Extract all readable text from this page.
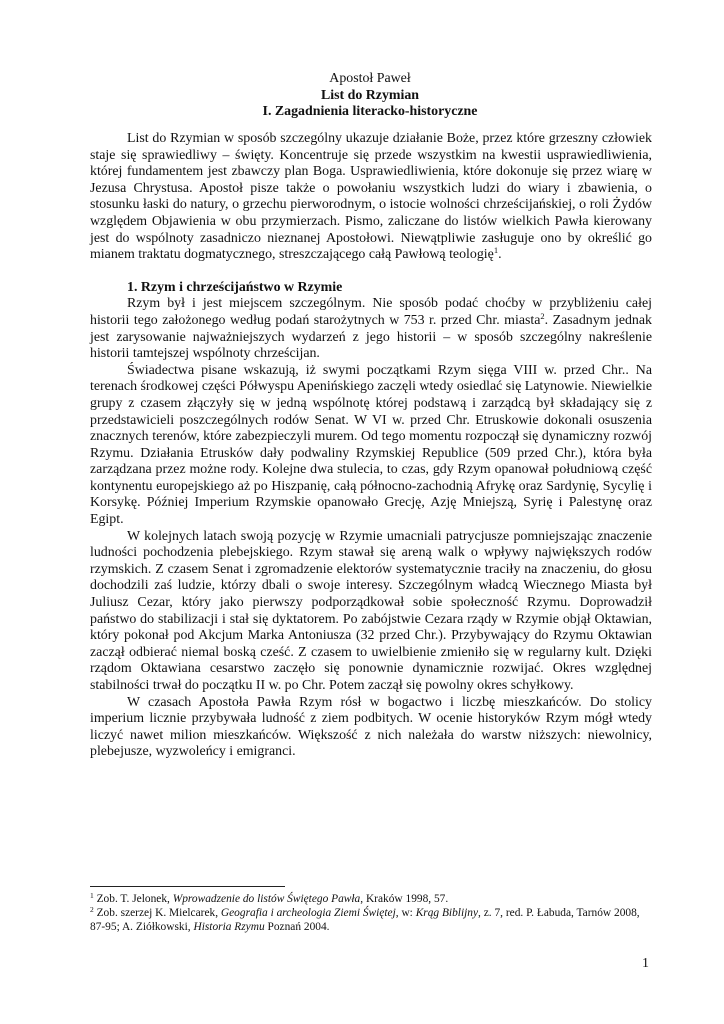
Apostoł Paweł
List do Rzymian
I. Zagadnienia literacko-historyczne

List do Rzymian w sposób szczególny ukazuje działanie Boże, przez które grzeszny człowiek staje się sprawiedliwy – święty. Koncentruje się przede wszystkim na kwestii usprawiedliwienia, której fundamentem jest zbawczy plan Boga. Usprawiedliwienia, które dokonuje się przez wiarę w Jezusa Chrystusa. Apostoł pisze także o powołaniu wszystkich ludzi do wiary i zbawienia, o stosunku łaski do natury, o grzechu pierworodnym, o istocie wolności chrześcijańskiej, o roli Żydów względem Objawienia w obu przymierzach. Pismo, zaliczane do listów wielkich Pawła kierowany jest do wspólnoty zasadniczo nieznanej Apostołowi. Niewątpliwie zasługuje ono by określić go mianem traktatu dogmatycznego, streszczającego całą Pawłową teologię$^1$.

1. Rzym i chrześcijaństwo w Rzymie

Rzym był i jest miejscem szczególnym. Nie sposób podać choćby w przybliżeniu całej historii tego założonego według podań starożytnych w 753 r. przed Chr. miasta$^2$. Zasadnym jednak jest zarysowanie najważniejszych wydarzeń z jego historii – w sposób szczególny nakreślenie historii tamtejszej wspólnoty chrześcijan.

Świadectwa pisane wskazują, iż swymi początkami Rzym sięga VIII w. przed Chr.. Na terenach środkowej części Półwyspu Apenińskiego zaczęli wtedy osiedlać się Latynowie. Niewielkie grupy z czasem złączyły się w jedną wspólnotę której podstawą i zarządcą był składający się z przedstawicieli poszczególnych rodów Senat. W VI w. przed Chr. Etruskowie dokonali osuszenia znacznych terenów, które zabezpieczyli murem. Od tego momentu rozpoczął się dynamiczny rozwój Rzymu. Działania Etrusków dały podwaliny Rzymskiej Republice (509 przed Chr.), która była zarządzana przez możne rody. Kolejne dwa stulecia, to czas, gdy Rzym opanował południową część kontynentu europejskiego aż po Hiszpanię, całą północno-zachodnią Afrykę oraz Sardynię, Sycylię i Korsykę. Później Imperium Rzymskie opanowało Grecję, Azję Mniejszą, Syrię i Palestynę oraz Egipt.

W kolejnych latach swoją pozycję w Rzymie umacniali patrycjusze pomniejszając znaczenie ludności pochodzenia plebejskiego. Rzym stawał się areną walk o wpływy największych rodów rzymskich. Z czasem Senat i zgromadzenie elektorów systematycznie traciły na znaczeniu, do głosu dochodzili zaś ludzie, którzy dbali o swoje interesy. Szczególnym władcą Wiecznego Miasta był Juliusz Cezar, który jako pierwszy podporządkował sobie społeczność Rzymu. Doprowadził państwo do stabilizacji i stał się dyktatorem. Po zabójstwie Cezara rządy w Rzymie objął Oktawian, który pokonał pod Akcjum Marka Antoniusza (32 przed Chr.). Przybywający do Rzymu Oktawian zaczął odbierać niemal boską cześć. Z czasem to uwielbienie zmieniło się w regularny kult. Dzięki rządom Oktawiana cesarstwo zaczęło się ponownie dynamicznie rozwijać. Okres względnej stabilności trwał do początku II w. po Chr. Potem zaczął się powolny okres schyłkowy.

W czasach Apostoła Pawła Rzym rósł w bogactwo i liczbę mieszkańców. Do stolicy imperium licznie przybywała ludność z ziem podbitych. W ocenie historyków Rzym mógł wtedy liczyć nawet milion mieszkańców. Większość z nich należała do warstw niższych: niewolnicy, plebejusze, wyzwoleńcy i emigranci.

$^1$ Zob. T. Jelonek, Wprowadzenie do listów Świętego Pawła, Kraków 1998, 57.

$^2$ Zob. szerzej K. Mielcarek, Geografia i archeologia Ziemi Świętej, w: Krąg Biblijny, z. 7, red. P. Łabuda, Tarnów 2008, 87-95; A. Ziółkowski, Historia Rzymu Poznań 2004.

1
